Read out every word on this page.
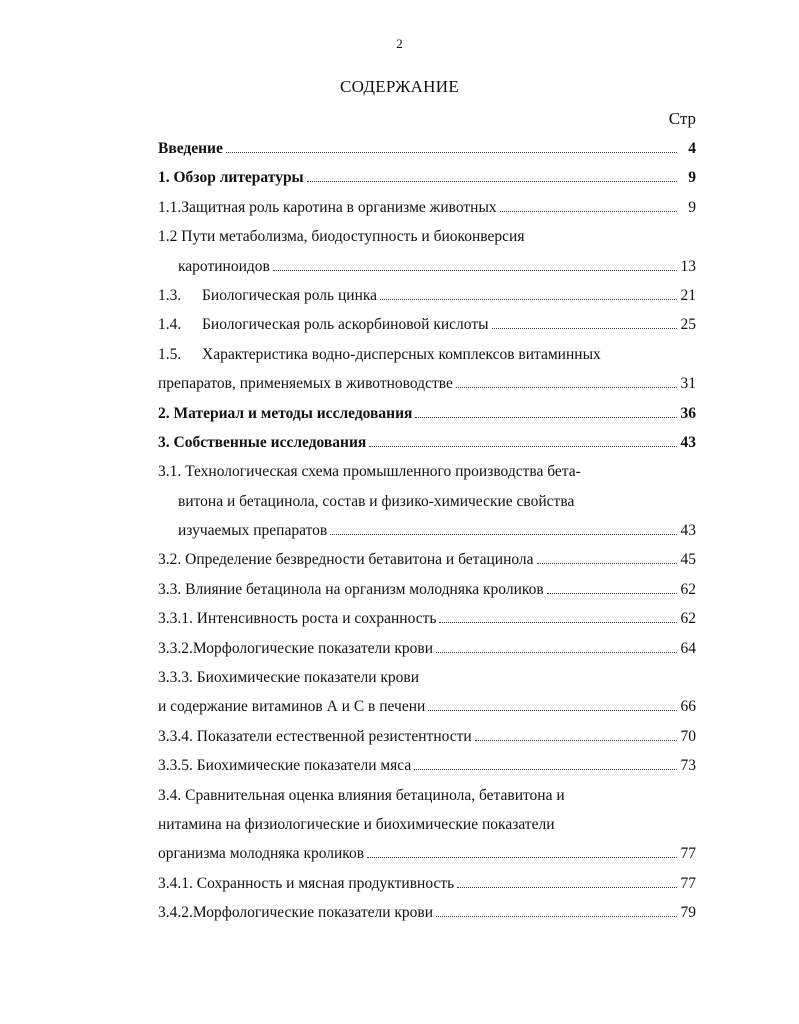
2
СОДЕРЖАНИЕ
Стр
Введение	4
1. Обзор литературы	9
1.1.Защитная роль каротина в организме животных	9
1.2 Пути метаболизма, биодоступность и биоконверсия
каротиноидов	13
1.3.	Биологическая роль цинка	21
1.4.	Биологическая роль аскорбиновой кислоты	25
1.5.	Характеристика водно-дисперсных комплексов витаминных
препаратов, применяемых в животноводстве	31
2. Материал и методы исследования	36
3. Собственные исследования	43
3.1. Технологическая схема промышленного производства бета-
витона и бетацинола, состав и физико-химические свойства
изучаемых препаратов	43
3.2. Определение безвредности бетавитона и бетацинола	45
3.3. Влияние бетацинола на организм молодняка кроликов	62
3.3.1. Интенсивность роста и сохранность	62
3.3.2.Морфологические показатели крови	64
3.3.3. Биохимические показатели крови
и содержание витаминов А и С в печени	66
3.3.4. Показатели естественной резистентности	70
3.3.5. Биохимические показатели мяса	73
3.4. Сравнительная оценка влияния бетацинола, бетавитона и
нитамина на физиологические и биохимические показатели
организма молодняка кроликов	77
3.4.1. Сохранность и мясная продуктивность	77
3.4.2.Морфологические показатели крови	79
